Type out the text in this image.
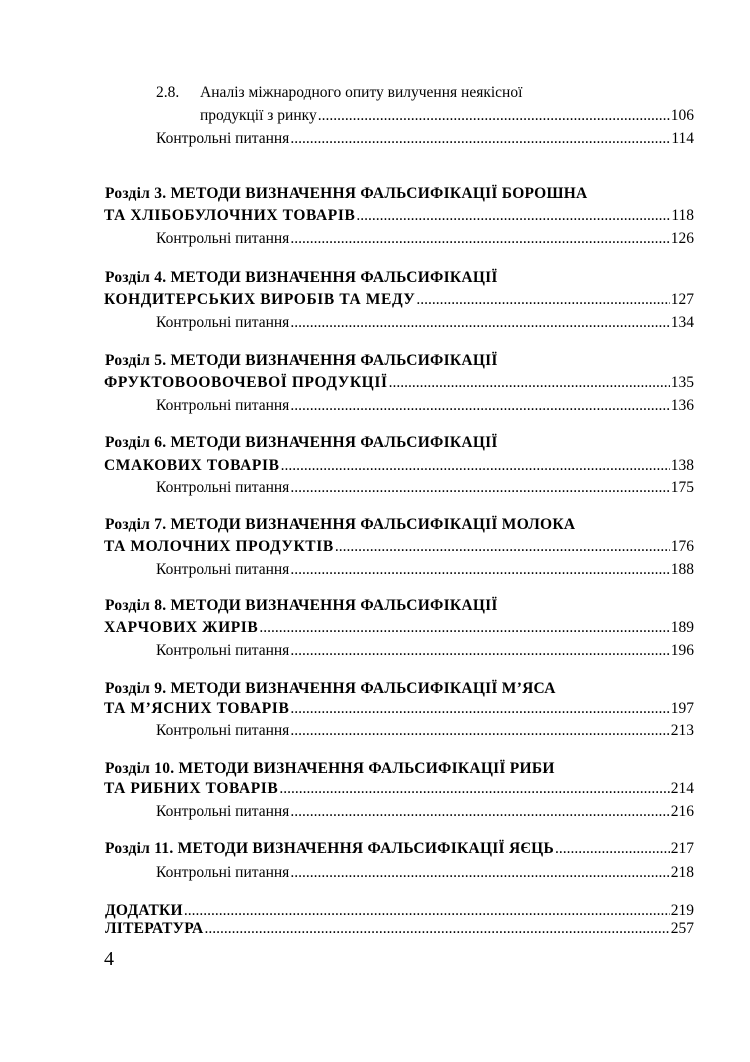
2.8.	Аналіз міжнародного опиту вилучення неякісної
продукції з ринку .....	106
Контрольні питання .....	114
Розділ 3. МЕТОДИ ВИЗНАЧЕННЯ ФАЛЬСИФІКАЦІЇ БОРОШНА
ТА ХЛІБОБУЛОЧНИХ ТОВАРІВ .....	118
Контрольні питання .....	126
Розділ 4. МЕТОДИ ВИЗНАЧЕННЯ ФАЛЬСИФІКАЦІЇ
КОНДИТЕРСЬКИХ ВИРОБІВ ТА МЕДУ .....	127
Контрольні питання .....	134
Розділ 5. МЕТОДИ ВИЗНАЧЕННЯ ФАЛЬСИФІКАЦІЇ
ФРУКТОВООВОЧЕВОЇ ПРОДУКЦІЇ .....	135
Контрольні питання .....	136
Розділ 6. МЕТОДИ ВИЗНАЧЕННЯ ФАЛЬСИФІКАЦІЇ
СМАКОВИХ ТОВАРІВ .....	138
Контрольні питання .....	175
Розділ 7. МЕТОДИ ВИЗНАЧЕННЯ ФАЛЬСИФІКАЦІЇ МОЛОКА
ТА МОЛОЧНИХ ПРОДУКТІВ .....	176
Контрольні питання .....	188
Розділ 8. МЕТОДИ ВИЗНАЧЕННЯ ФАЛЬСИФІКАЦІЇ
ХАРЧОВИХ ЖИРІВ .....	189
Контрольні питання .....	196
Розділ 9. МЕТОДИ ВИЗНАЧЕННЯ ФАЛЬСИФІКАЦІЇ М’ЯСА
ТА М’ЯСНИХ ТОВАРІВ .....	197
Контрольні питання .....	213
Розділ 10. МЕТОДИ ВИЗНАЧЕННЯ ФАЛЬСИФІКАЦІЇ РИБИ
ТА РИБНИХ ТОВАРІВ .....	214
Контрольні питання .....	216
Розділ 11. МЕТОДИ ВИЗНАЧЕННЯ ФАЛЬСИФІКАЦІЇ ЯЄЦЬ .....	217
Контрольні питання .....	218
ДОДАТКИ .....	219
ЛІТЕРАТУРА .....	257
4
